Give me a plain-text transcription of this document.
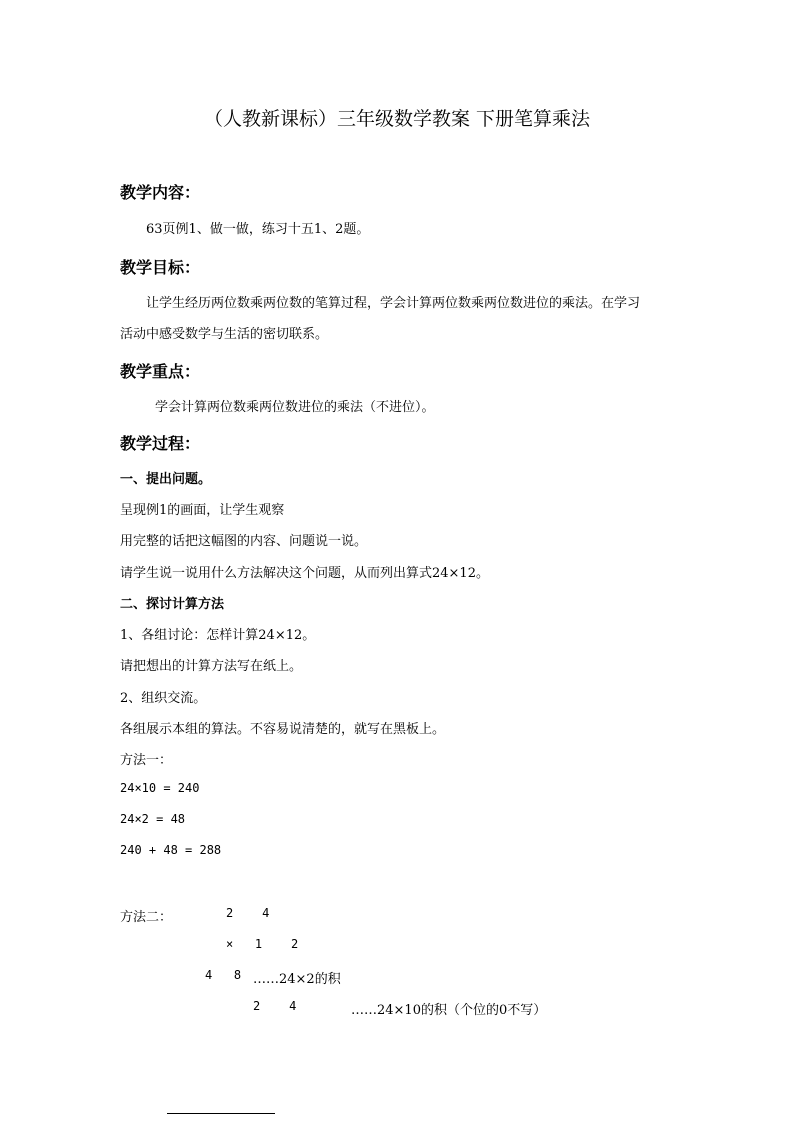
（人教新课标）三年级数学教案 下册笔算乘法
教学内容：
63页例1、做一做，练习十五1、2题。
教学目标：
让学生经历两位数乘两位数的笔算过程，学会计算两位数乘两位数进位的乘法。在学习
活动中感受数学与生活的密切联系。
教学重点：
学会计算两位数乘两位数进位的乘法（不进位）。
教学过程：
一、提出问题。
呈现例1的画面，让学生观察
用完整的话把这幅图的内容、问题说一说。
请学生说一说用什么方法解决这个问题，从而列出算式24×12。
二、探讨计算方法
1、各组讨论：怎样计算24×12。
请把想出的计算方法写在纸上。
2、组织交流。
各组展示本组的算法。不容易说清楚的，就写在黑板上。
方法一：
24×10 = 240
24×2 = 48
240 + 48 = 288
方法二：	2    4
×   1    2
4   8 ……24×2的积
2    4	……24×10的积（个位的0不写）
